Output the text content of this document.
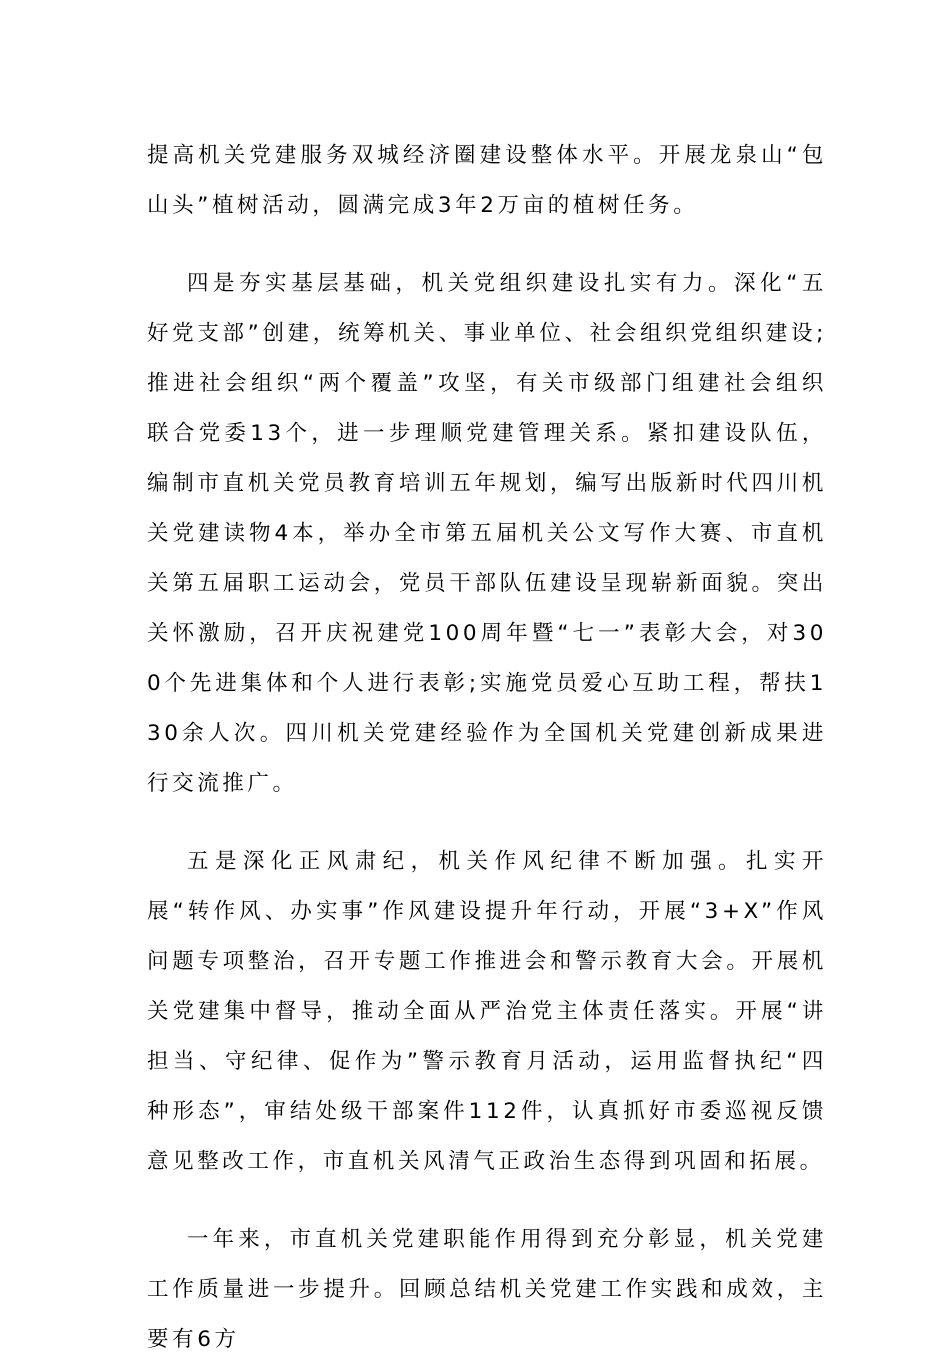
提高机关党建服务双城经济圈建设整体水平。开展龙泉山“包山头”植树活动，圆满完成3年2万亩的植树任务。

四是夯实基层基础，机关党组织建设扎实有力。深化“五好党支部”创建，统筹机关、事业单位、社会组织党组织建设;推进社会组织“两个覆盖”攻坚，有关市级部门组建社会组织联合党委13个，进一步理顺党建管理关系。紧扣建设队伍，编制市直机关党员教育培训五年规划，编写出版新时代四川机关党建读物4本，举办全市第五届机关公文写作大赛、市直机关第五届职工运动会，党员干部队伍建设呈现崭新面貌。突出关怀激励，召开庆祝建党100周年暨“七一”表彰大会，对300个先进集体和个人进行表彰;实施党员爱心互助工程，帮扶130余人次。四川机关党建经验作为全国机关党建创新成果进行交流推广。

五是深化正风肃纪，机关作风纪律不断加强。扎实开展“转作风、办实事”作风建设提升年行动，开展“3+X”作风问题专项整治，召开专题工作推进会和警示教育大会。开展机关党建集中督导，推动全面从严治党主体责任落实。开展“讲担当、守纪律、促作为”警示教育月活动，运用监督执纪“四种形态”，审结处级干部案件112件，认真抓好市委巡视反馈意见整改工作，市直机关风清气正政治生态得到巩固和拓展。

一年来，市直机关党建职能作用得到充分彰显，机关党建工作质量进一步提升。回顾总结机关党建工作实践和成效，主要有6方
